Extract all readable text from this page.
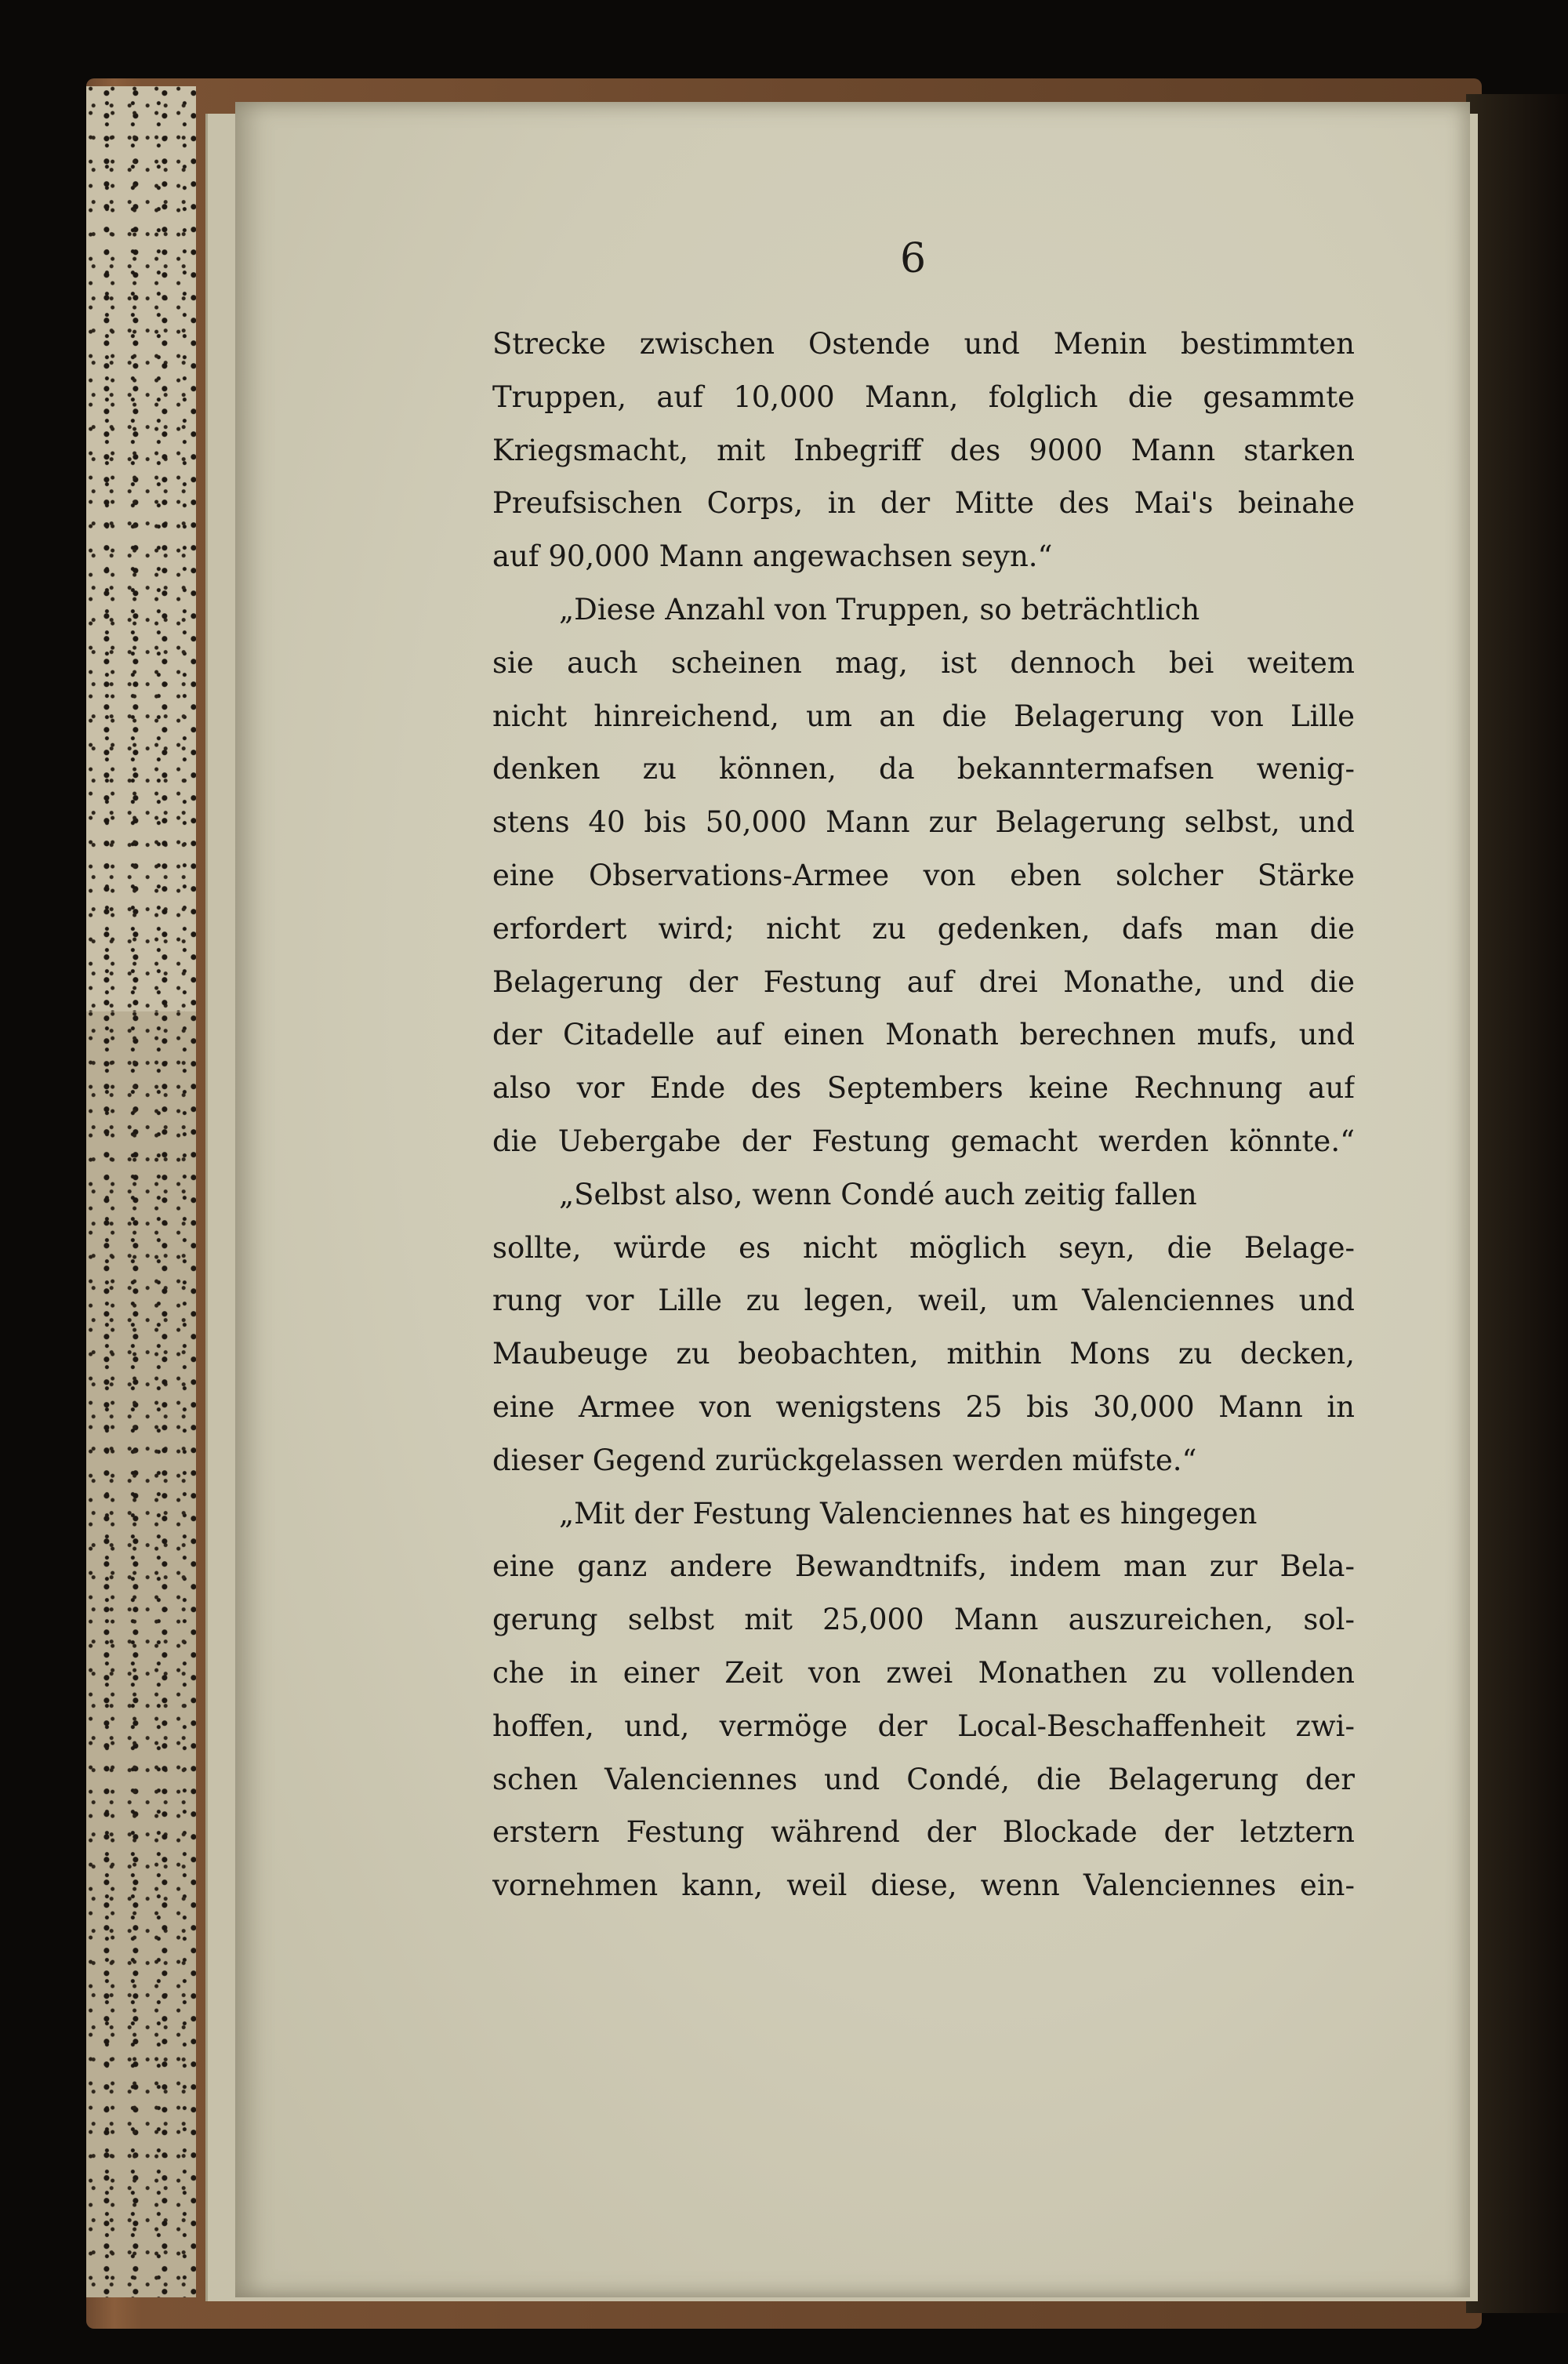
6

Strecke zwischen Ostende und Menin bestimmten
Truppen, auf 10,000 Mann, folglich die gesammte
Kriegsmacht, mit Inbegriff des 9000 Mann starken
Preufsischen Corps, in der Mitte des Mai's beinahe
auf 90,000 Mann angewachsen seyn.“
„Diese Anzahl von Truppen, so beträchtlich
sie auch scheinen mag, ist dennoch bei weitem
nicht hinreichend, um an die Belagerung von Lille
denken zu können, da bekanntermafsen wenig-
stens 40 bis 50,000 Mann zur Belagerung selbst, und
eine Observations-Armee von eben solcher Stärke
erfordert wird; nicht zu gedenken, dafs man die
Belagerung der Festung auf drei Monathe, und die
der Citadelle auf einen Monath berechnen mufs, und
also vor Ende des Septembers keine Rechnung auf
die Uebergabe der Festung gemacht werden könnte.“
„Selbst also, wenn Condé auch zeitig fallen
sollte, würde es nicht möglich seyn, die Belage-
rung vor Lille zu legen, weil, um Valenciennes und
Maubeuge zu beobachten, mithin Mons zu decken,
eine Armee von wenigstens 25 bis 30,000 Mann in
dieser Gegend zurückgelassen werden müfste.“
„Mit der Festung Valenciennes hat es hingegen
eine ganz andere Bewandtnifs, indem man zur Bela-
gerung selbst mit 25,000 Mann auszureichen, sol-
che in einer Zeit von zwei Monathen zu vollenden
hoffen, und, vermöge der Local-Beschaffenheit zwi-
schen Valenciennes und Condé, die Belagerung der
erstern Festung während der Blockade der letztern
vornehmen kann, weil diese, wenn Valenciennes ein-
